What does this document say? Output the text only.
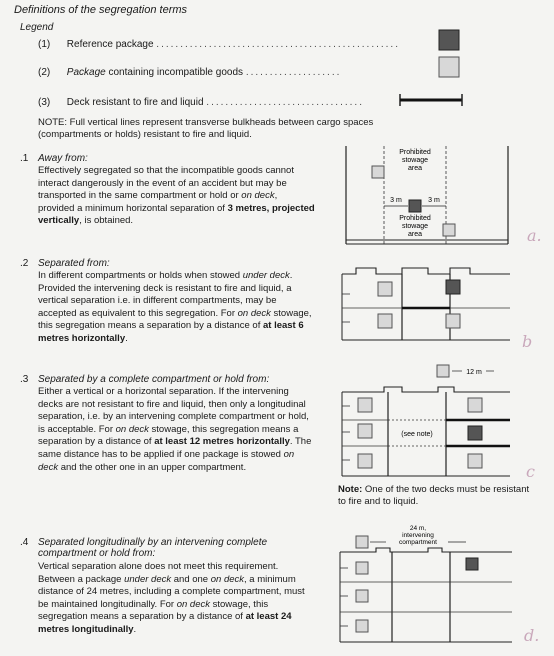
Definitions of the segregation terms
Legend
(1) Reference package ...................................................
(2) Package containing incompatible goods ....................
(3) Deck resistant to fire and liquid .................................
NOTE: Full vertical lines represent transverse bulkheads between cargo spaces (compartments or holds) resistant to fire and liquid.
.1 Away from:
Effectively segregated so that the incompatible goods cannot interact dangerously in the event of an accident but may be transported in the same compartment or hold or on deck, provided a minimum horizontal separation of 3 metres, projected vertically, is obtained.
Prohibited
stowage
area
3 m	3 m
Prohibited
stowage
area	a.
.2 Separated from:
In different compartments or holds when stowed under deck. Provided the intervening deck is resistant to fire and liquid, a vertical separation i.e. in different compartments, may be accepted as equivalent to this segregation. For on deck stowage, this segregation means a separation by a distance of at least 6 metres horizontally.	b
.3 Separated by a complete compartment or hold from:
Either a vertical or a horizontal separation. If the intervening decks are not resistant to fire and liquid, then only a longitudinal separation, i.e. by an intervening complete compartment or hold, is acceptable. For on deck stowage, this segregation means a separation by a distance of at least 12 metres horizontally. The same distance has to be applied if one package is stowed on deck and the other one in an upper compartment.
12 m
(see note)
Note: One of the two decks must be resistant to fire and to liquid.
c
.4 Separated longitudinally by an intervening complete compartment or hold from:
Vertical separation alone does not meet this requirement. Between a package under deck and one on deck, a minimum distance of 24 metres, including a complete compartment, must be maintained longitudinally. For on deck stowage, this segregation means a separation by a distance of at least 24 metres longitudinally.
24 m,
intervening
compartment
d.
